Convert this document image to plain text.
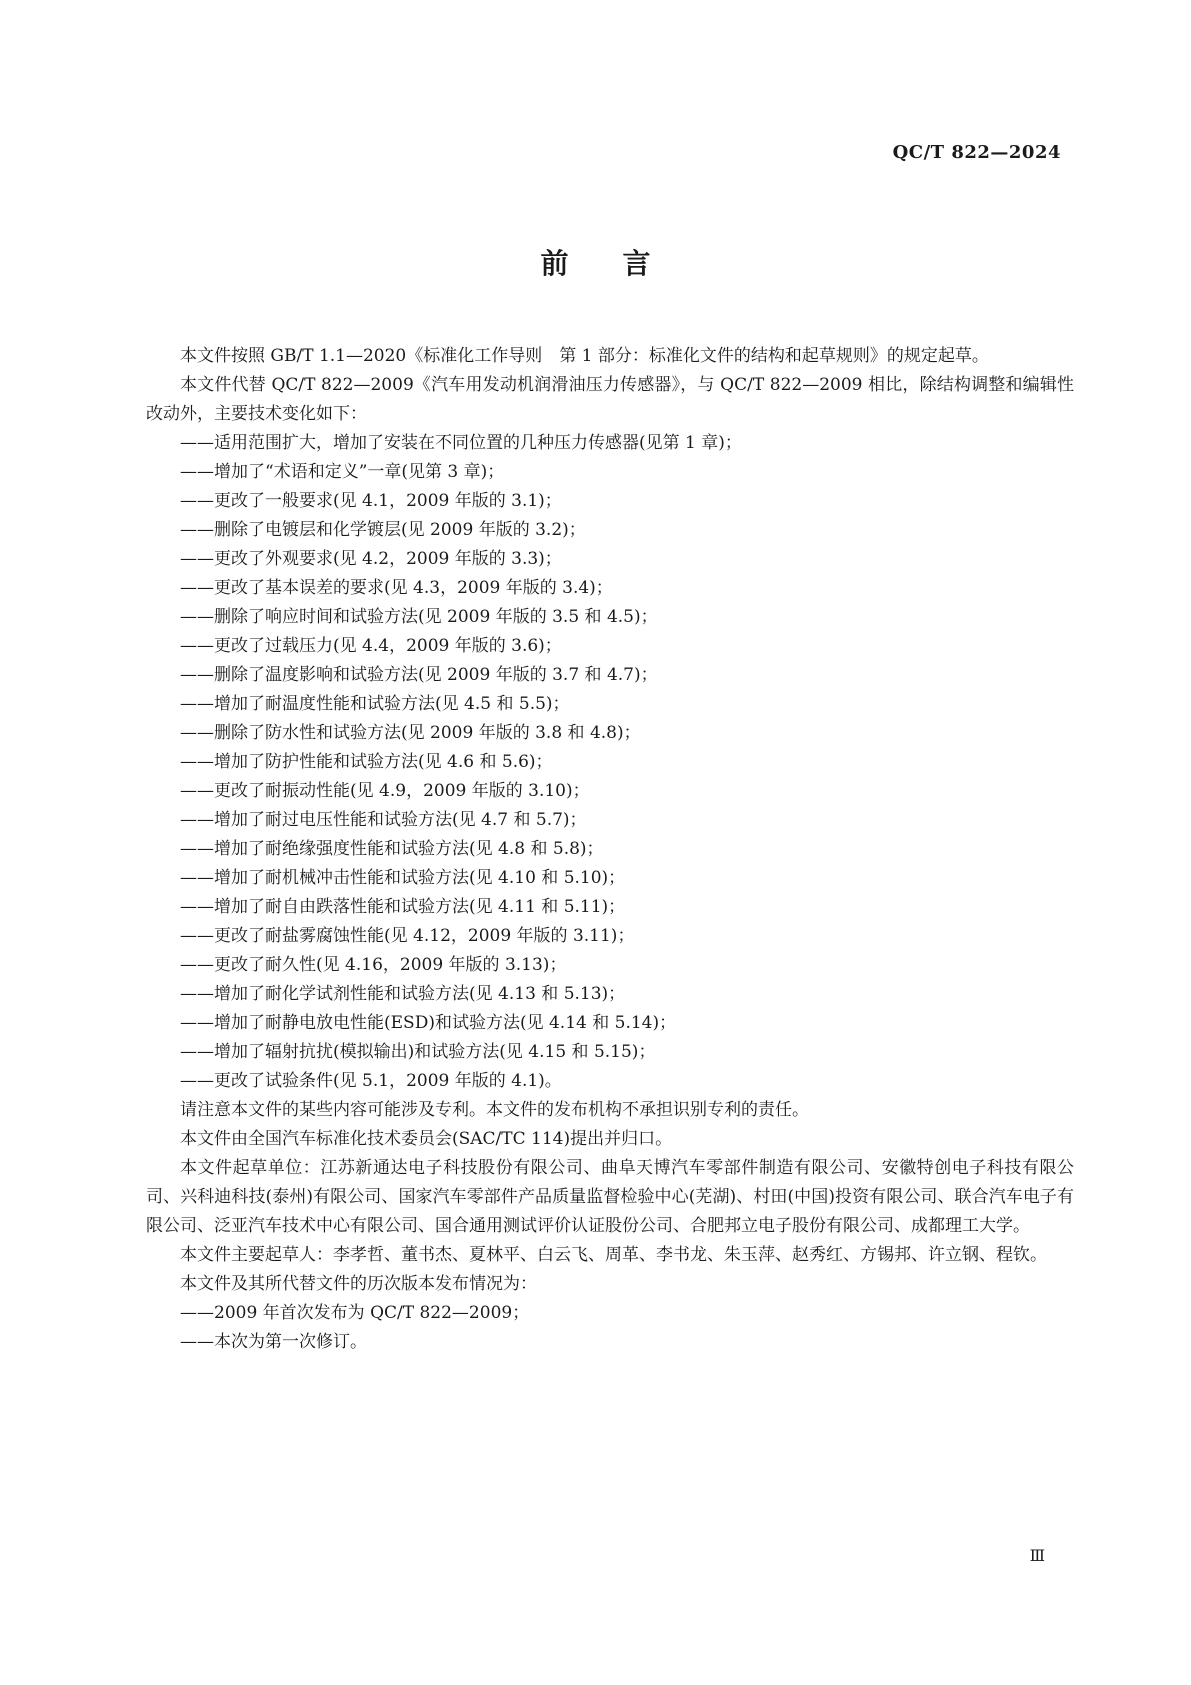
QC/T 822—2024
前言

本文件按照 GB/T 1.1—2020《标准化工作导则　第 1 部分：标准化文件的结构和起草规则》的规定起草。

本文件代替 QC/T 822—2009《汽车用发动机润滑油压力传感器》，与 QC/T 822—2009 相比，除结构调整和编辑性改动外，主要技术变化如下：

——适用范围扩大，增加了安装在不同位置的几种压力传感器(见第 1 章)；

——增加了“术语和定义”一章(见第 3 章)；

——更改了一般要求(见 4.1，2009 年版的 3.1)；

——删除了电镀层和化学镀层(见 2009 年版的 3.2)；

——更改了外观要求(见 4.2，2009 年版的 3.3)；

——更改了基本误差的要求(见 4.3，2009 年版的 3.4)；

——删除了响应时间和试验方法(见 2009 年版的 3.5 和 4.5)；

——更改了过载压力(见 4.4，2009 年版的 3.6)；

——删除了温度影响和试验方法(见 2009 年版的 3.7 和 4.7)；

——增加了耐温度性能和试验方法(见 4.5 和 5.5)；

——删除了防水性和试验方法(见 2009 年版的 3.8 和 4.8)；

——增加了防护性能和试验方法(见 4.6 和 5.6)；

——更改了耐振动性能(见 4.9，2009 年版的 3.10)；

——增加了耐过电压性能和试验方法(见 4.7 和 5.7)；

——增加了耐绝缘强度性能和试验方法(见 4.8 和 5.8)；

——增加了耐机械冲击性能和试验方法(见 4.10 和 5.10)；

——增加了耐自由跌落性能和试验方法(见 4.11 和 5.11)；

——更改了耐盐雾腐蚀性能(见 4.12，2009 年版的 3.11)；

——更改了耐久性(见 4.16，2009 年版的 3.13)；

——增加了耐化学试剂性能和试验方法(见 4.13 和 5.13)；

——增加了耐静电放电性能(ESD)和试验方法(见 4.14 和 5.14)；

——增加了辐射抗扰(模拟输出)和试验方法(见 4.15 和 5.15)；

——更改了试验条件(见 5.1，2009 年版的 4.1)。

请注意本文件的某些内容可能涉及专利。本文件的发布机构不承担识别专利的责任。

本文件由全国汽车标准化技术委员会(SAC/TC 114)提出并归口。

本文件起草单位：江苏新通达电子科技股份有限公司、曲阜天博汽车零部件制造有限公司、安徽特创电子科技有限公司、兴科迪科技(泰州)有限公司、国家汽车零部件产品质量监督检验中心(芜湖)、村田(中国)投资有限公司、联合汽车电子有限公司、泛亚汽车技术中心有限公司、国合通用测试评价认证股份公司、合肥邦立电子股份有限公司、成都理工大学。

本文件主要起草人：李孝哲、董书杰、夏林平、白云飞、周革、李书龙、朱玉萍、赵秀红、方锡邦、许立钢、程钦。

本文件及其所代替文件的历次版本发布情况为：

——2009 年首次发布为 QC/T 822—2009；

——本次为第一次修订。

Ⅲ
